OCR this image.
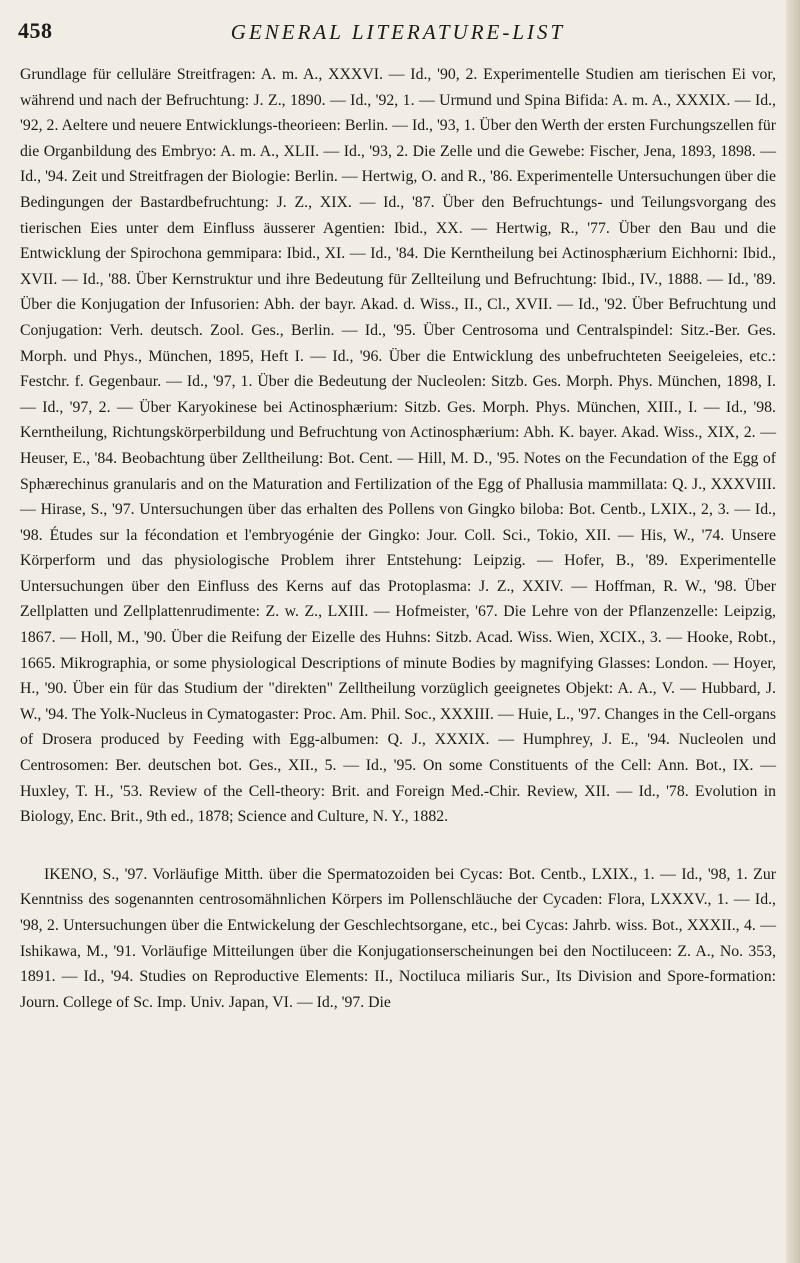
458	GENERAL LITERATURE-LIST

Grundlage für celluläre Streitfragen: A. m. A., XXXVI. — Id., '90, 2. Experimentelle Studien am tierischen Ei vor, während und nach der Befruchtung: J. Z., 1890. — Id., '92, 1. — Urmund und Spina Bifida: A. m. A., XXXIX. — Id., '92, 2. Aeltere und neuere Entwicklungs-theorieen: Berlin. — Id., '93, 1. Über den Werth der ersten Furchungszellen für die Organbildung des Embryo: A. m. A., XLII. — Id., '93, 2. Die Zelle und die Gewebe: Fischer, Jena, 1893, 1898. — Id., '94. Zeit und Streitfragen der Biologie: Berlin. — Hertwig, O. and R., '86. Experimentelle Untersuchungen über die Bedingungen der Bastardbefruchtung: J. Z., XIX. — Id., '87. Über den Befruchtungs- und Teilungsvorgang des tierischen Eies unter dem Einfluss äusserer Agentien: Ibid., XX. — Hertwig, R., '77. Über den Bau und die Entwicklung der Spirochona gemmipara: Ibid., XI. — Id., '84. Die Kerntheilung bei Actinosphærium Eichhorni: Ibid., XVII. — Id., '88. Über Kernstruktur und ihre Bedeutung für Zellteilung und Befruchtung: Ibid., IV., 1888. — Id., '89. Über die Konjugation der Infusorien: Abh. der bayr. Akad. d. Wiss., II., Cl., XVII. — Id., '92. Über Befruchtung und Conjugation: Verh. deutsch. Zool. Ges., Berlin. — Id., '95. Über Centrosoma und Centralspindel: Sitz.-Ber. Ges. Morph. und Phys., München, 1895, Heft I. — Id., '96. Über die Entwicklung des unbefruchteten Seeigeleies, etc.: Festchr. f. Gegenbaur. — Id., '97, 1. Über die Bedeutung der Nucleolen: Sitzb. Ges. Morph. Phys. München, 1898, I. — Id., '97, 2. — Über Karyokinese bei Actinosphærium: Sitzb. Ges. Morph. Phys. München, XIII., I. — Id., '98. Kerntheilung, Richtungskörperbildung und Befruchtung von Actinosphærium: Abh. K. bayer. Akad. Wiss., XIX, 2. — Heuser, E., '84. Beobachtung über Zelltheilung: Bot. Cent. — Hill, M. D., '95. Notes on the Fecundation of the Egg of Sphærechinus granularis and on the Maturation and Fertilization of the Egg of Phallusia mammillata: Q. J., XXXVIII. — Hirase, S., '97. Untersuchungen über das erhalten des Pollens von Gingko biloba: Bot. Centb., LXIX., 2, 3. — Id., '98. Études sur la fécondation et l'embryogénie der Gingko: Jour. Coll. Sci., Tokio, XII. — His, W., '74. Unsere Körperform und das physiologische Problem ihrer Entstehung: Leipzig. — Hofer, B., '89. Experimentelle Untersuchungen über den Einfluss des Kerns auf das Protoplasma: J. Z., XXIV. — Hoffman, R. W., '98. Über Zellplatten und Zellplattenrudimente: Z. w. Z., LXIII. — Hofmeister, '67. Die Lehre von der Pflanzenzelle: Leipzig, 1867. — Holl, M., '90. Über die Reifung der Eizelle des Huhns: Sitzb. Acad. Wiss. Wien, XCIX., 3. — Hooke, Robt., 1665. Mikrographia, or some physiological Descriptions of minute Bodies by magnifying Glasses: London. — Hoyer, H., '90. Über ein für das Studium der "direkten" Zelltheilung vorzüglich geeignetes Objekt: A. A., V. — Hubbard, J. W., '94. The Yolk-Nucleus in Cymatogaster: Proc. Am. Phil. Soc., XXXIII. — Huie, L., '97. Changes in the Cell-organs of Drosera produced by Feeding with Egg-albumen: Q. J., XXXIX. — Humphrey, J. E., '94. Nucleolen und Centrosomen: Ber. deutschen bot. Ges., XII., 5. — Id., '95. On some Constituents of the Cell: Ann. Bot., IX. — Huxley, T. H., '53. Review of the Cell-theory: Brit. and Foreign Med.-Chir. Review, XII. — Id., '78. Evolution in Biology, Enc. Brit., 9th ed., 1878; Science and Culture, N. Y., 1882.

IKENO, S., '97. Vorläufige Mitth. über die Spermatozoiden bei Cycas: Bot. Centb., LXIX., 1. — Id., '98, 1. Zur Kenntniss des sogenannten centrosomähnlichen Körpers im Pollenschläuche der Cycaden: Flora, LXXXV., 1. — Id., '98, 2. Untersuchungen über die Entwickelung der Geschlechtsorgane, etc., bei Cycas: Jahrb. wiss. Bot., XXXII., 4. — Ishikawa, M., '91. Vorläufige Mitteilungen über die Konjugationserscheinungen bei den Noctiluceen: Z. A., No. 353, 1891. — Id., '94. Studies on Reproductive Elements: II., Noctiluca miliaris Sur., Its Division and Spore-formation: Journ. College of Sc. Imp. Univ. Japan, VI. — Id., '97. Die
